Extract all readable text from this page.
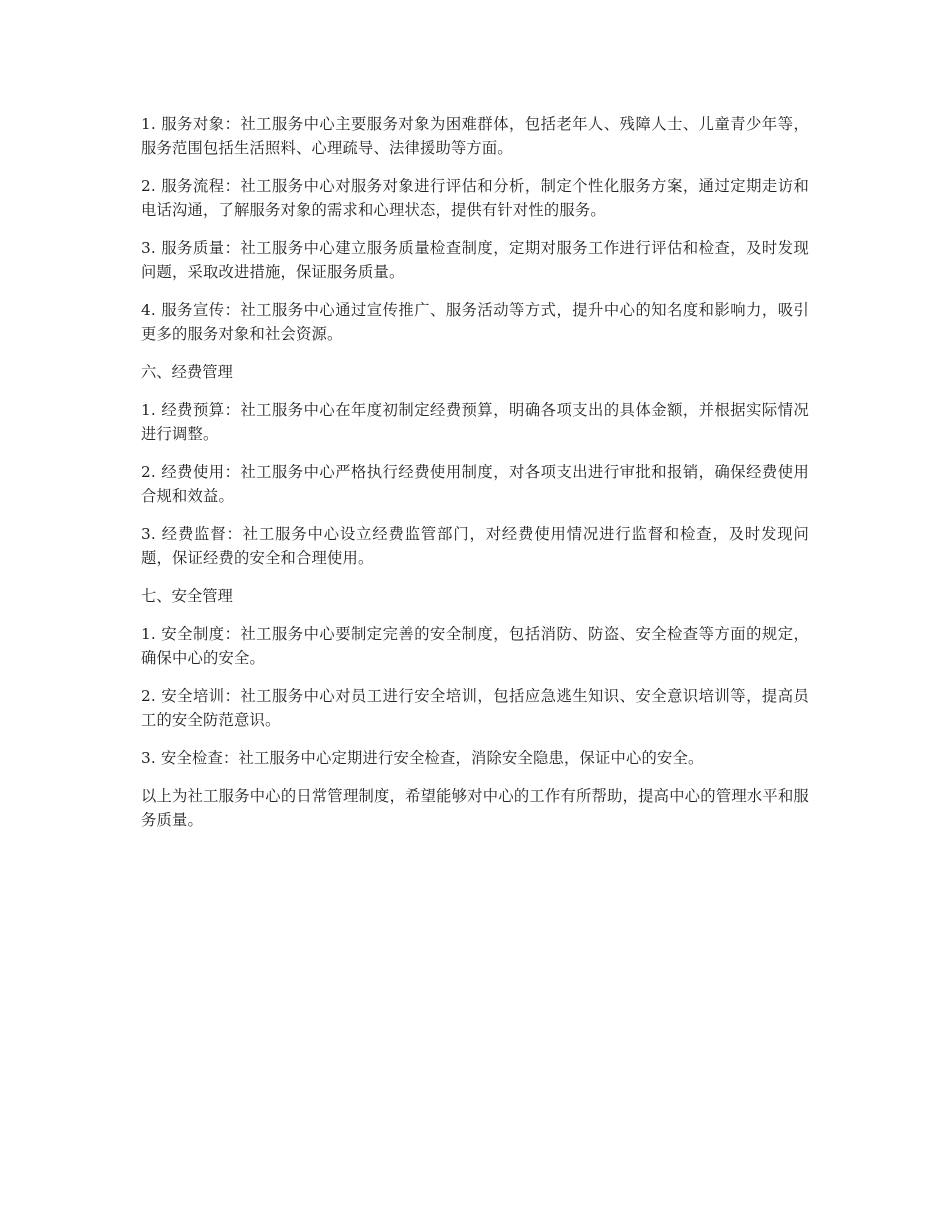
1. 服务对象：社工服务中心主要服务对象为困难群体，包括老年人、残障人士、儿童青少年等，服务范围包括生活照料、心理疏导、法律援助等方面。

2. 服务流程：社工服务中心对服务对象进行评估和分析，制定个性化服务方案，通过定期走访和电话沟通，了解服务对象的需求和心理状态，提供有针对性的服务。

3. 服务质量：社工服务中心建立服务质量检查制度，定期对服务工作进行评估和检查，及时发现问题，采取改进措施，保证服务质量。

4. 服务宣传：社工服务中心通过宣传推广、服务活动等方式，提升中心的知名度和影响力，吸引更多的服务对象和社会资源。

六、经费管理

1. 经费预算：社工服务中心在年度初制定经费预算，明确各项支出的具体金额，并根据实际情况进行调整。

2. 经费使用：社工服务中心严格执行经费使用制度，对各项支出进行审批和报销，确保经费使用合规和效益。

3. 经费监督：社工服务中心设立经费监管部门，对经费使用情况进行监督和检查，及时发现问题，保证经费的安全和合理使用。

七、安全管理

1. 安全制度：社工服务中心要制定完善的安全制度，包括消防、防盗、安全检查等方面的规定，确保中心的安全。

2. 安全培训：社工服务中心对员工进行安全培训，包括应急逃生知识、安全意识培训等，提高员工的安全防范意识。

3. 安全检查：社工服务中心定期进行安全检查，消除安全隐患，保证中心的安全。

以上为社工服务中心的日常管理制度，希望能够对中心的工作有所帮助，提高中心的管理水平和服务质量。
